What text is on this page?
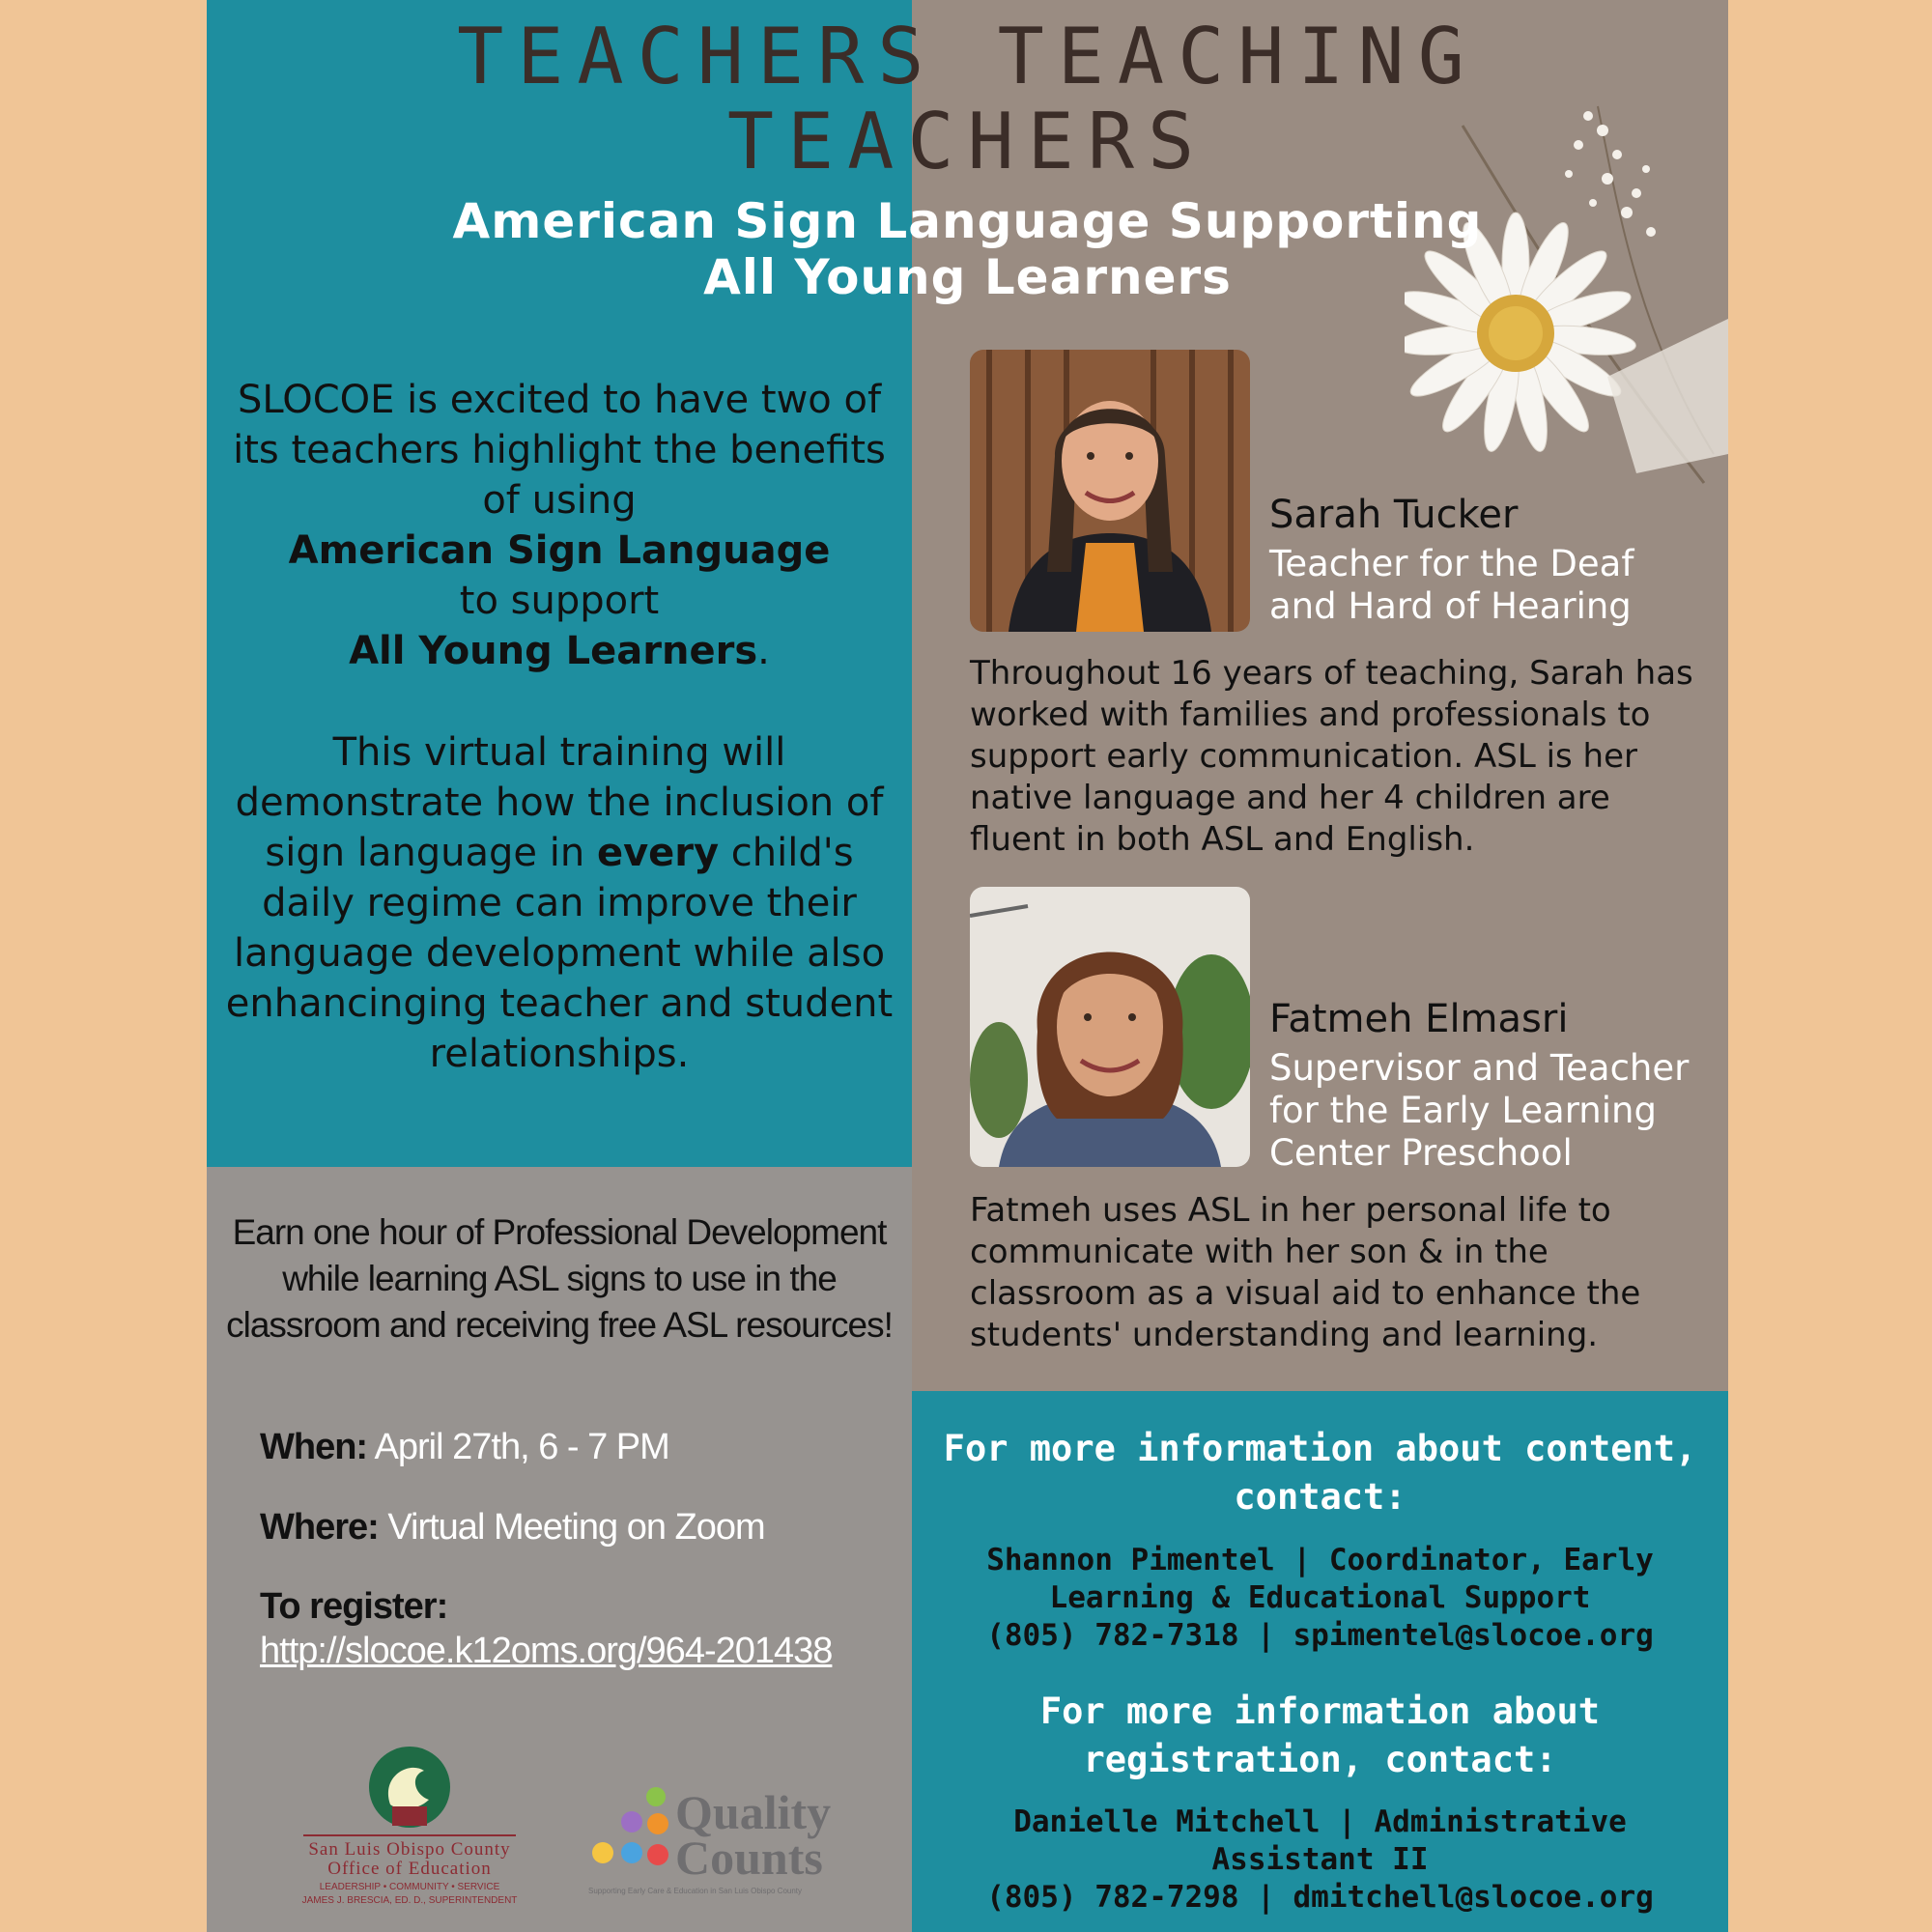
TEACHERS TEACHING
TEACHERS
American Sign Language Supporting
All Young Learners
SLOCOE is excited to have two of its teachers highlight the benefits of using
American Sign Language
to support
All Young Learners.
This virtual training will demonstrate how the inclusion of sign language in every child's daily regime can improve their language development while also enhancinging teacher and student relationships.
Earn one hour of Professional Development while learning ASL signs to use in the classroom and receiving free ASL resources!
When: April 27th, 6 - 7 PM
Where: Virtual Meeting on Zoom
To register:
http://slocoe.k12oms.org/964-201438
Sarah Tucker
Teacher for the Deaf
and Hard of Hearing
Throughout 16 years of teaching, Sarah has worked with families and professionals to support early communication. ASL is her native language and her 4 children are fluent in both ASL and English.
Fatmeh Elmasri
Supervisor and Teacher
for the Early Learning
Center Preschool
Fatmeh uses ASL in her personal life to communicate with her son & in the classroom as a visual aid to enhance the students' understanding and learning.
For more information about content, contact:
Shannon Pimentel | Coordinator, Early
Learning & Educational Support
(805) 782-7318 | spimentel@slocoe.org
For more information about registration, contact:
Danielle Mitchell | Administrative
Assistant II
(805) 782-7298 | dmitchell@slocoe.org
San Luis Obispo County
Office of Education
LEADERSHIP • COMMUNITY • SERVICE
JAMES J. BRESCIA, ED. D., SUPERINTENDENT
Quality
Counts
Supporting Early Care & Education in San Luis Obispo County
